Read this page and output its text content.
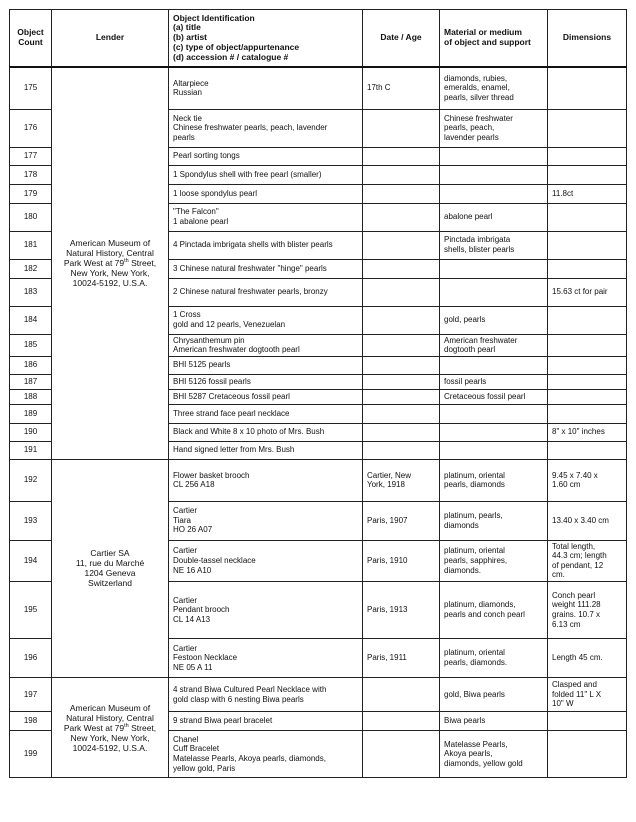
Object
Count	Lender	Object Identification
(a) title
(b) artist
(c) type of object/appurtenance
(d) accession # / catalogue #	Date / Age	Material or medium
of object and support	Dimensions
175	American Museum of
Natural History, Central
Park West at 79th Street,
New York, New York,
10024-5192, U.S.A.	Altarpiece
Russian	17th C	diamonds, rubies,
emeralds, enamel,
pearls, silver thread	

176		Neck tie
Chinese freshwater pearls, peach, lavender
pearls		Chinese freshwater
pearls, peach,
lavender pearls	

177		Pearl sorting tongs			

178		1 Spondylus shell with free pearl (smaller)			

179		1 loose spondylus pearl			11.8ct

180		"The Falcon"
1 abalone pearl		abalone pearl	

181		4 Pinctada imbrigata shells with blister pearls		Pinctada imbrigata
shells, blister pearls	

182		3 Chinese natural freshwater "hinge" pearls			

183		2 Chinese natural freshwater pearls, bronzy			15.63 ct for pair

184		1 Cross
gold and 12 pearls, Venezuelan		gold, pearls	

185		Chrysanthemum pin
American freshwater dogtooth pearl		American freshwater
dogtooth pearl	

186		BHI 5125 pearls			

187		BHI 5126 fossil pearls		fossil pearls	

188		BHI 5287 Cretaceous fossil pearl		Cretaceous fossil pearl	

189		Three strand face pearl necklace			

190		Black and White 8 x 10 photo of Mrs. Bush			8" x 10" inches

191		Hand signed letter from Mrs. Bush			

192	Cartier SA
11, rue du Marché
1204 Geneva
Switzerland	Flower basket brooch
CL 256 A18	Cartier, New
York, 1918	platinum, oriental
pearls, diamonds	9.45 x 7.40 x
1.60 cm

193		Cartier
Tiara
HO 26 A07	Paris, 1907	platinum, pearls,
diamonds	13.40 x 3.40 cm

194		Cartier
Double-tassel necklace
NE 16 A10	Paris, 1910	platinum, oriental
pearls, sapphires,
diamonds.	Total length,
44.3 cm; length
of pendant, 12
cm.

195		Cartier
Pendant brooch
CL 14 A13	Paris, 1913	platinum, diamonds,
pearls and conch pearl	Conch pearl
weight 111.28
grains. 10.7 x
6.13 cm

196		Cartier
Festoon Necklace
NE 05 A 11	Paris, 1911	platinum, oriental
pearls, diamonds.	Length 45 cm.

197	American Museum of
Natural History, Central
Park West at 79th Street,
New York, New York,
10024-5192, U.S.A.	4 strand Biwa Cultured Pearl Necklace with
gold clasp with 6 nesting Biwa pearls		gold, Biwa pearls	Clasped and
folded 11" L X
10" W

198		9 strand Biwa pearl bracelet		Biwa pearls	

199		Chanel
Cuff Bracelet
Matelasse Pearls, Akoya pearls, diamonds,
yellow gold, Paris		Matelasse Pearls,
Akoya pearls,
diamonds, yellow gold	
